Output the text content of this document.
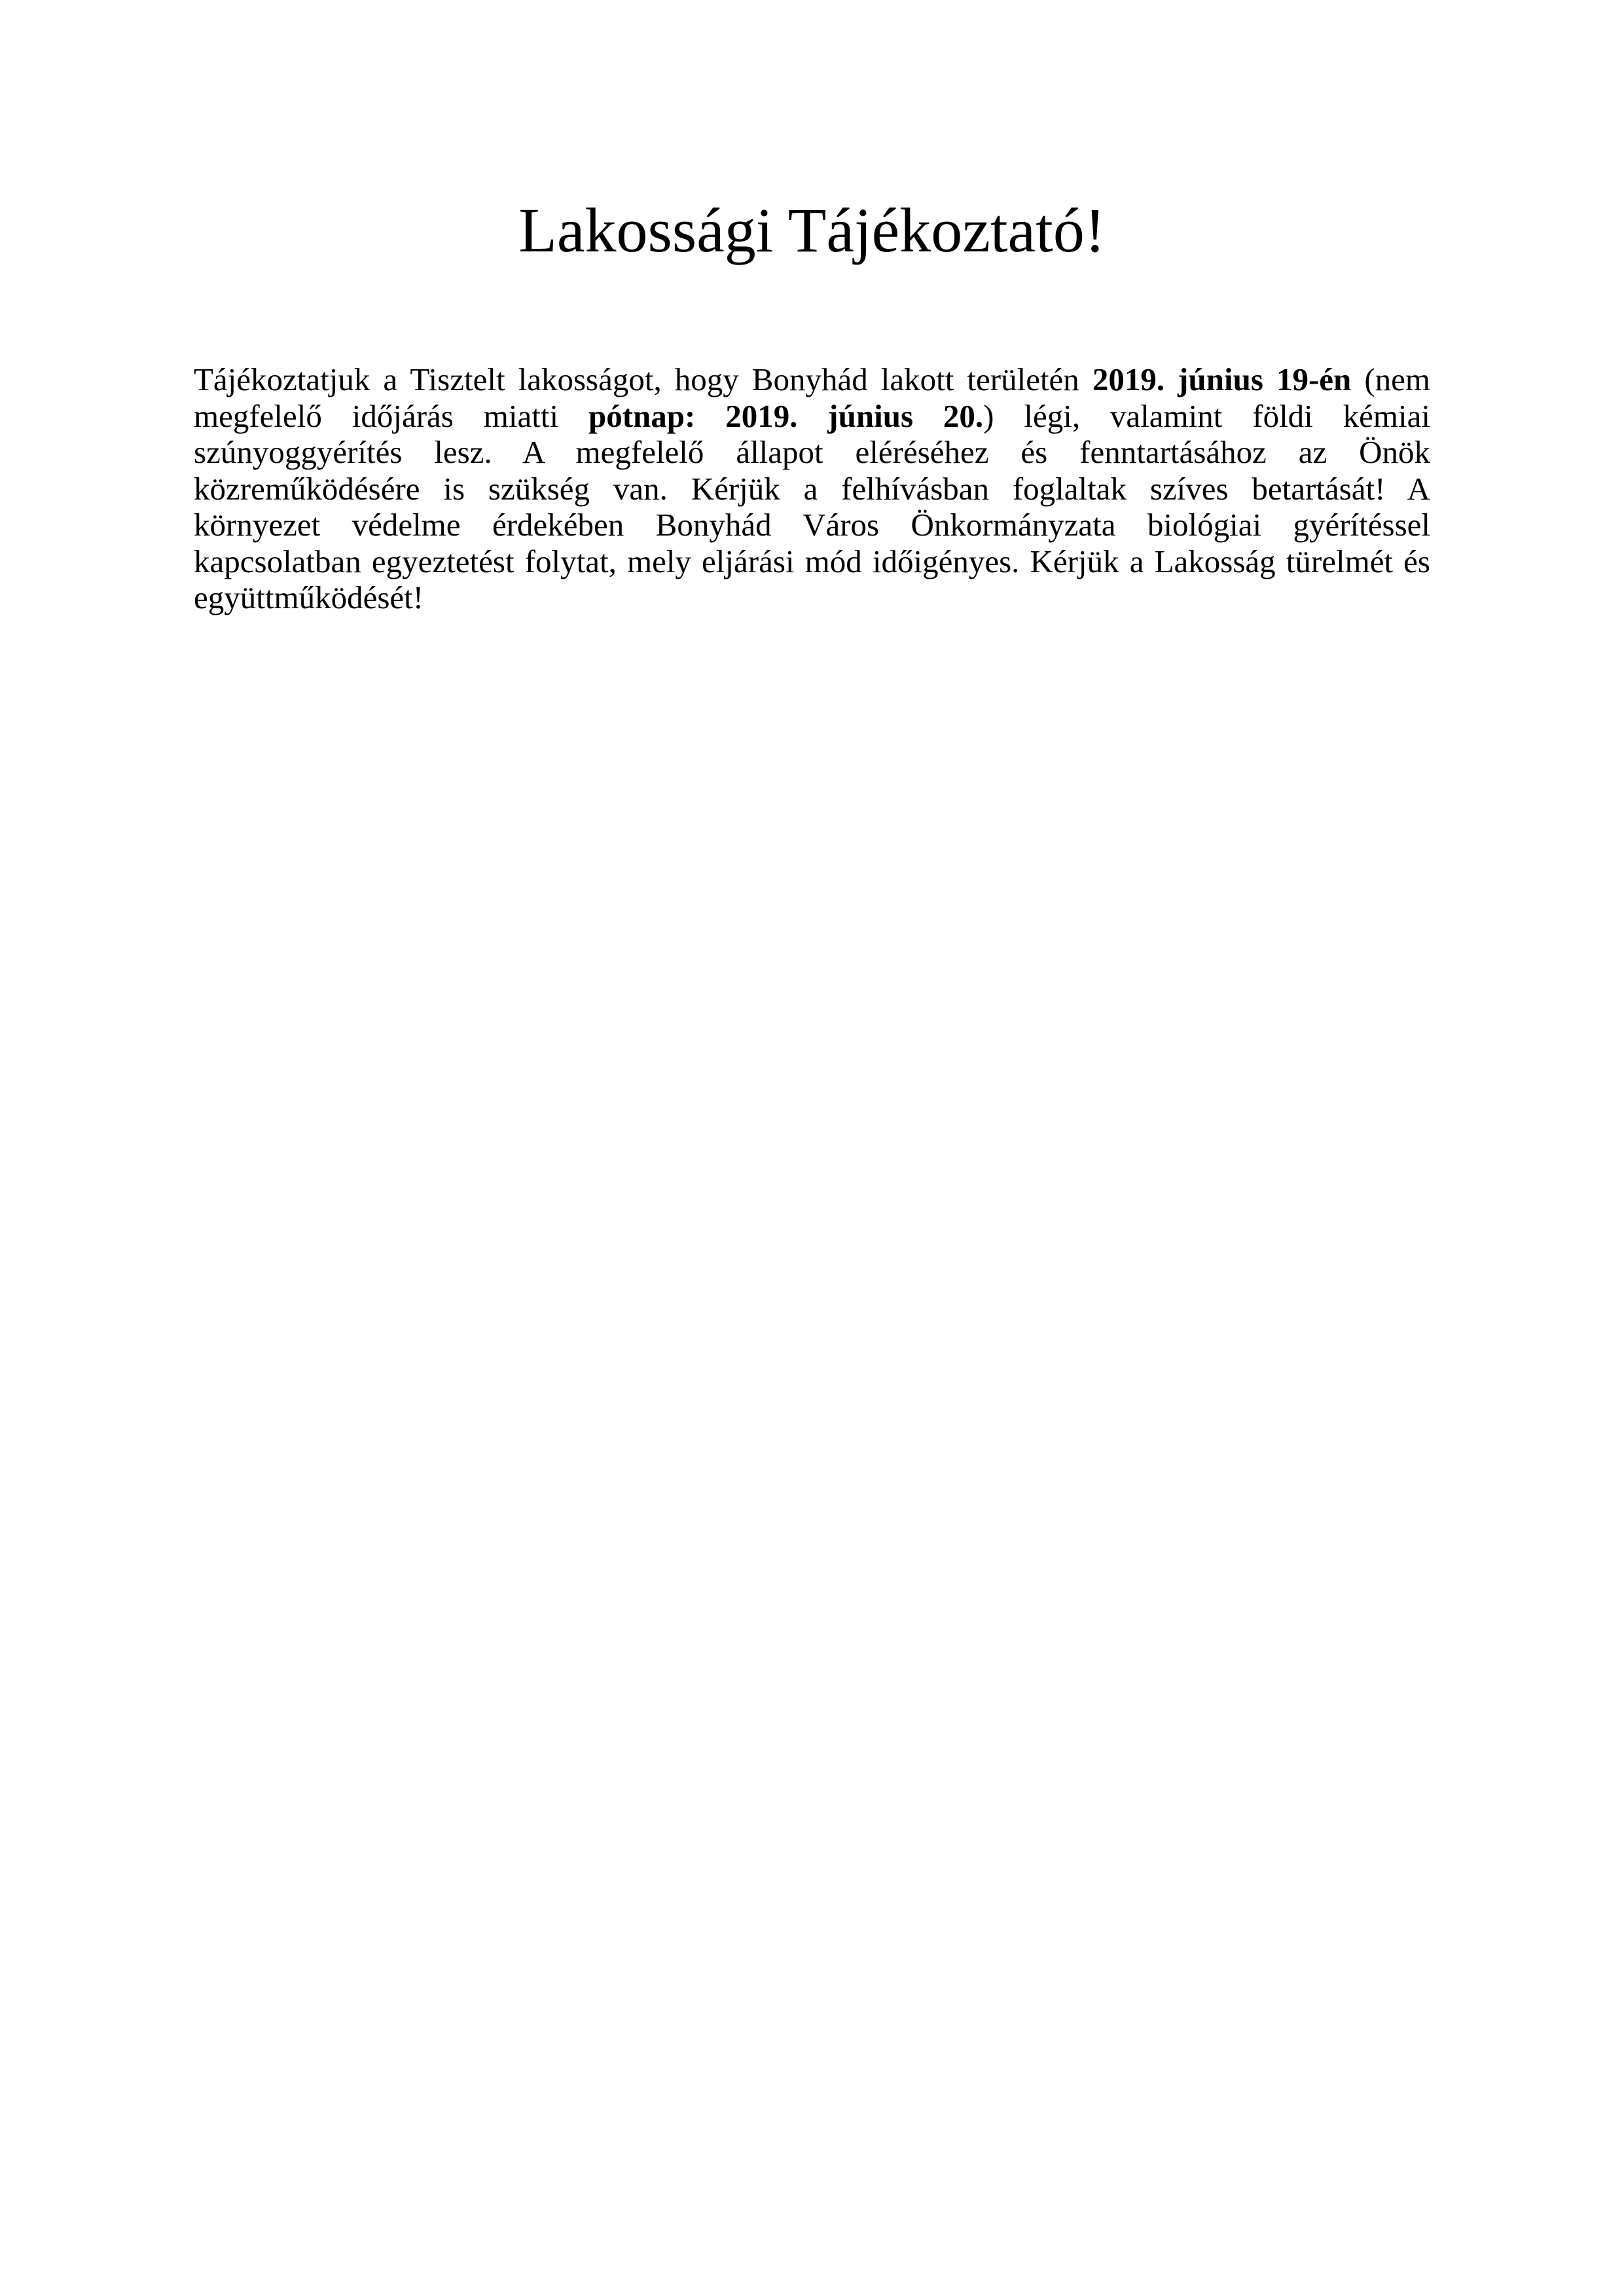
Lakossági Tájékoztató!
Tájékoztatjuk a Tisztelt lakosságot, hogy Bonyhád lakott területén 2019. június 19-én (nem
megfelelő időjárás miatti pótnap: 2019. június 20.) légi, valamint földi kémiai
szúnyoggyérítés lesz. A megfelelő állapot eléréséhez és fenntartásához az Önök
közreműködésére is szükség van. Kérjük a felhívásban foglaltak szíves betartását! A
környezet védelme érdekében Bonyhád Város Önkormányzata biológiai gyérítéssel
kapcsolatban egyeztetést folytat, mely eljárási mód időigényes. Kérjük a Lakosság türelmét és
együttműködését!
